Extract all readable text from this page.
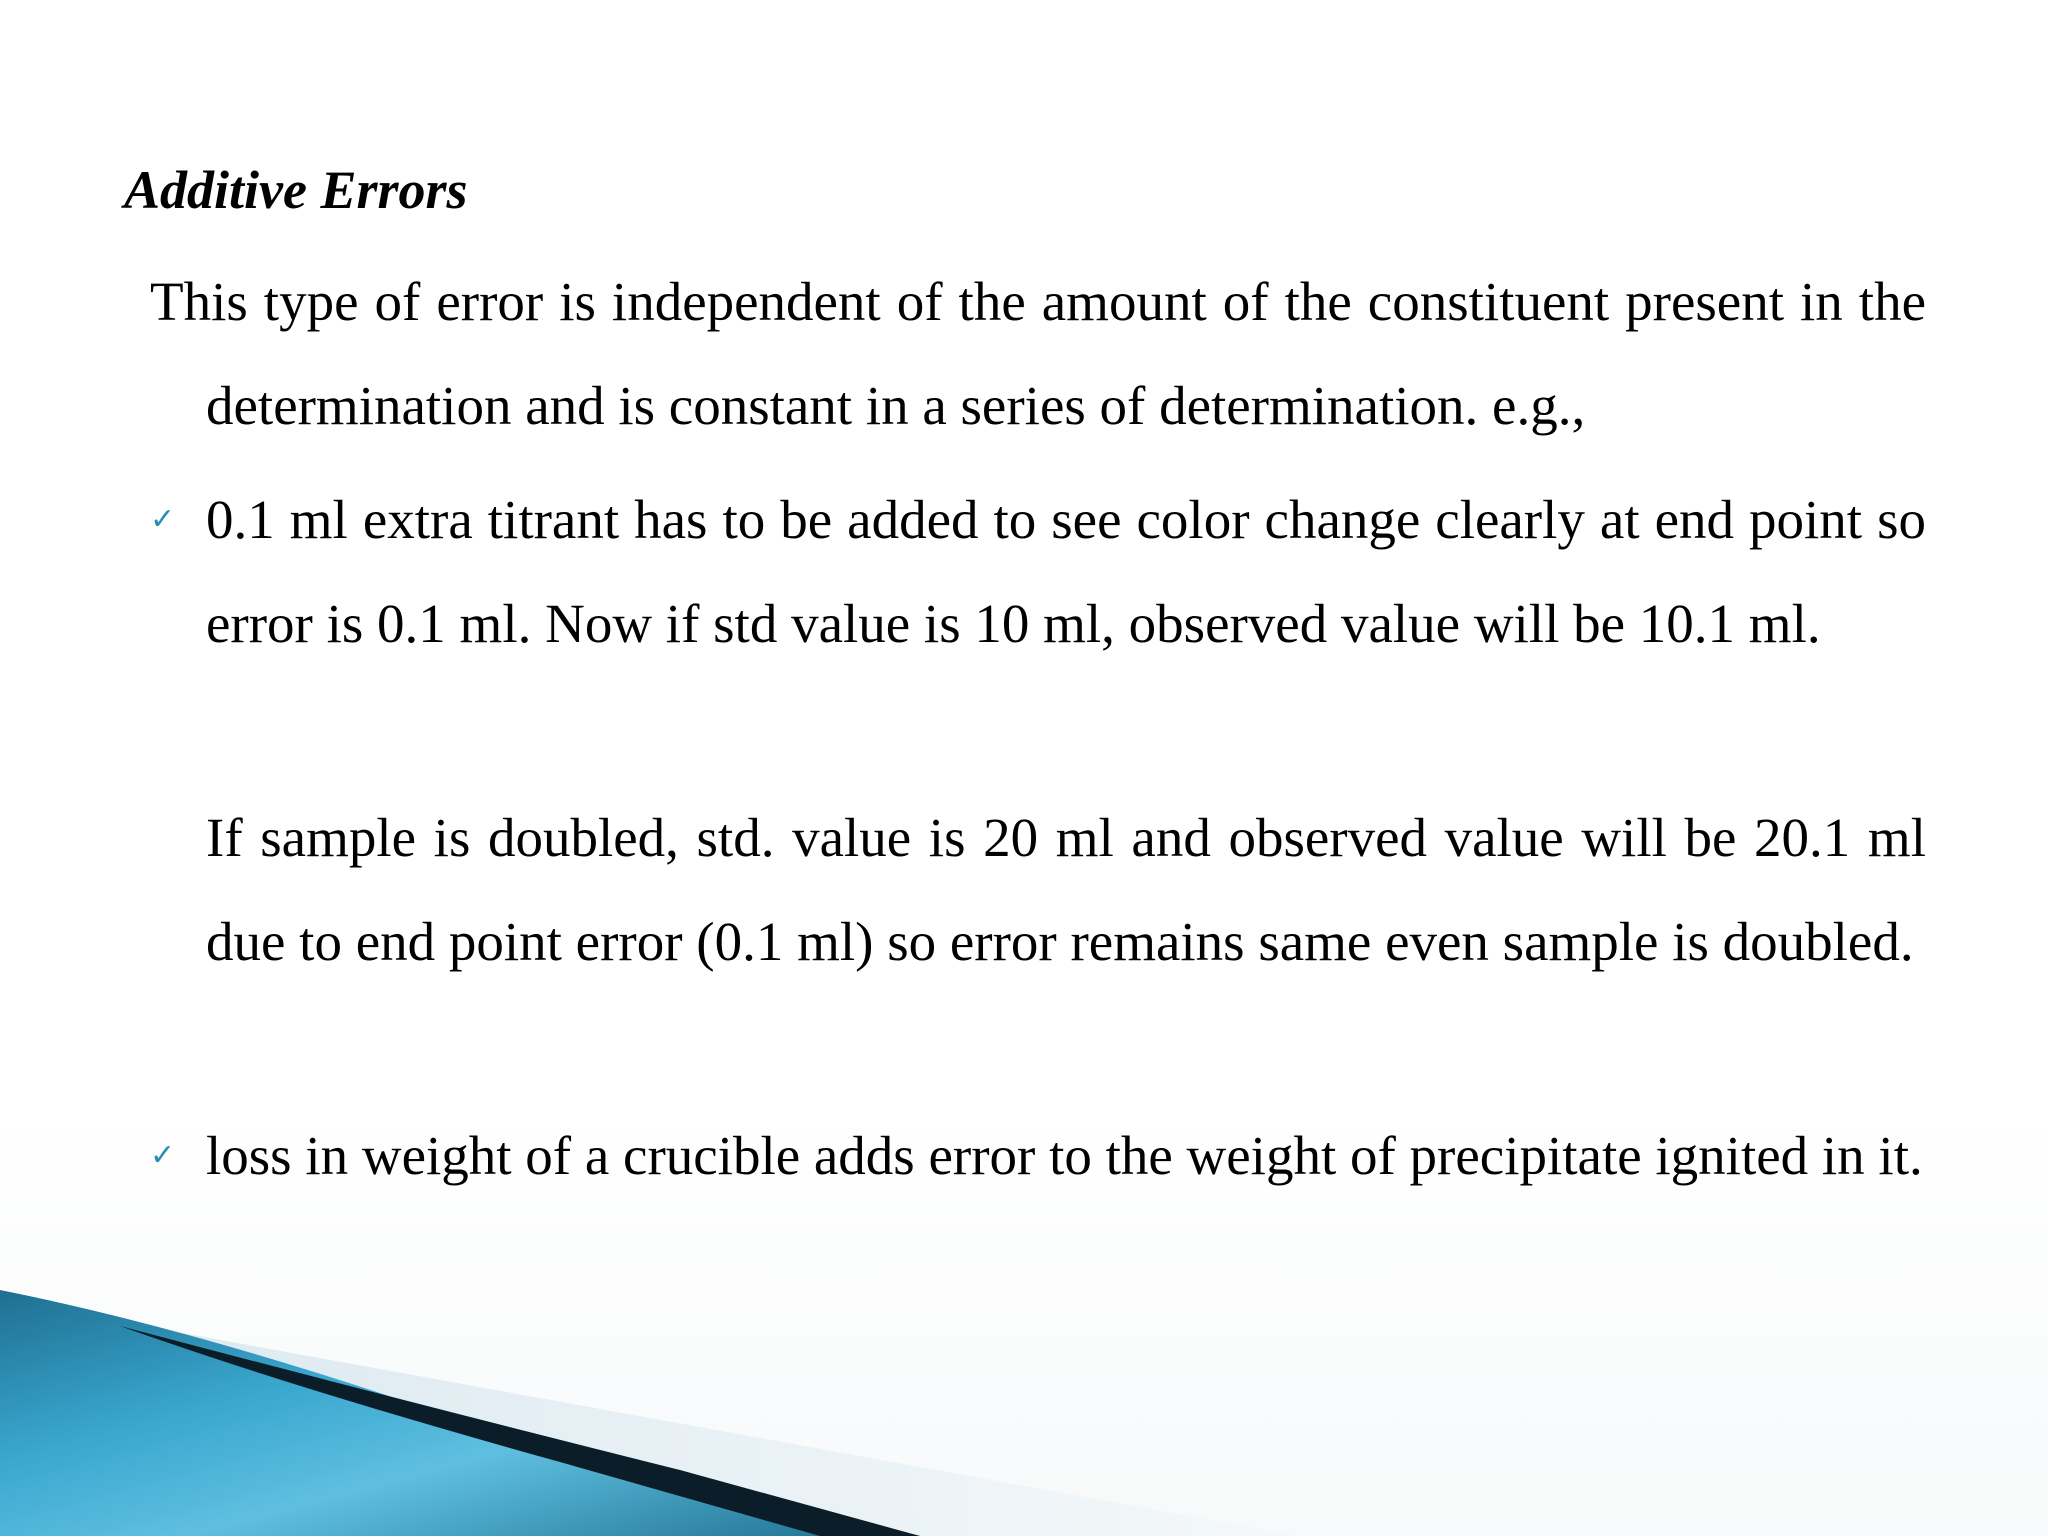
Additive Errors
This type of error is independent of the amount of the constituent present in the determination and is constant in a series of determination. e.g.,
✓ 0.1 ml extra titrant has to be added to see color change clearly at end point so error is 0.1 ml. Now if std value is 10 ml, observed value will be 10.1 ml.
If sample is doubled, std. value is 20 ml and observed value will be 20.1 ml due to end point error (0.1 ml) so error remains same even sample is doubled.
✓ loss in weight of a crucible adds error to the weight of precipitate ignited in it.
